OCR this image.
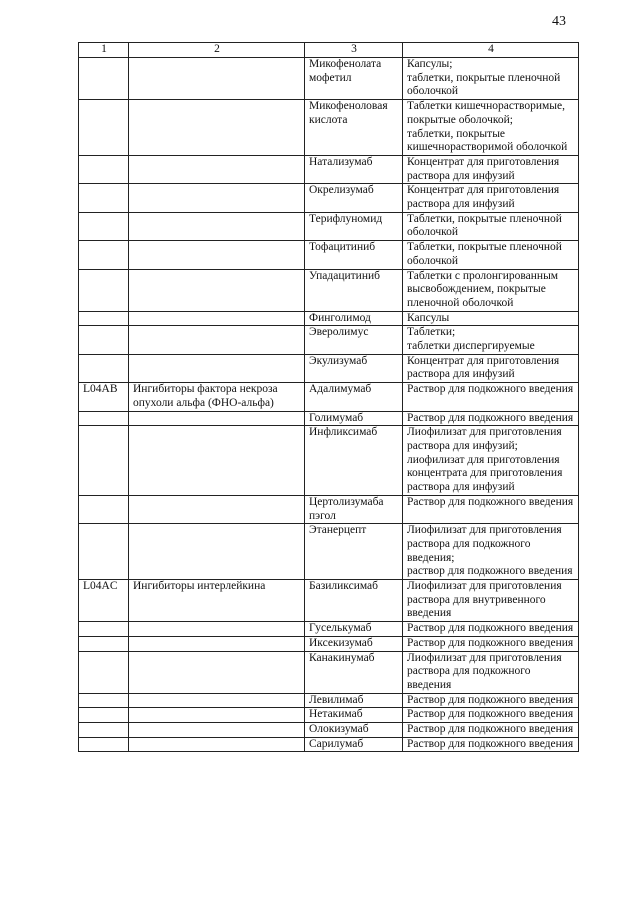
43
1	2	3	4
		Микофенолата мофетил	Капсулы;
таблетки, покрытые пленочной оболочкой
		Микофеноловая кислота	Таблетки кишечнорастворимые, покрытые оболочкой;
таблетки, покрытые кишечнорастворимой оболочкой
		Натализумаб	Концентрат для приготовления раствора для инфузий
		Окрелизумаб	Концентрат для приготовления раствора для инфузий
		Терифлуномид	Таблетки, покрытые пленочной оболочкой
		Тофацитиниб	Таблетки, покрытые пленочной оболочкой
		Упадацитиниб	Таблетки с пролонгированным высвобождением, покрытые пленочной оболочкой
		Финголимод	Капсулы
		Эверолимус	Таблетки;
таблетки диспергируемые
		Экулизумаб	Концентрат для приготовления раствора для инфузий
L04AB	Ингибиторы фактора некроза опухоли альфа (ФНО-альфа)	Адалимумаб	Раствор для подкожного введения
		Голимумаб	Раствор для подкожного введения
		Инфликсимаб	Лиофилизат для приготовления раствора для инфузий;
лиофилизат для приготовления концентрата для приготовления раствора для инфузий
		Цертолизумаба пэгол	Раствор для подкожного введения
		Этанерцепт	Лиофилизат для приготовления раствора для подкожного введения;
раствор для подкожного введения
L04AC	Ингибиторы интерлейкина	Базиликсимаб	Лиофилизат для приготовления раствора для внутривенного введения
		Гуселькумаб	Раствор для подкожного введения
		Иксекизумаб	Раствор для подкожного введения
		Канакинумаб	Лиофилизат для приготовления раствора для подкожного введения
		Левилимаб	Раствор для подкожного введения
		Нетакимаб	Раствор для подкожного введения
		Олокизумаб	Раствор для подкожного введения
		Сарилумаб	Раствор для подкожного введения
